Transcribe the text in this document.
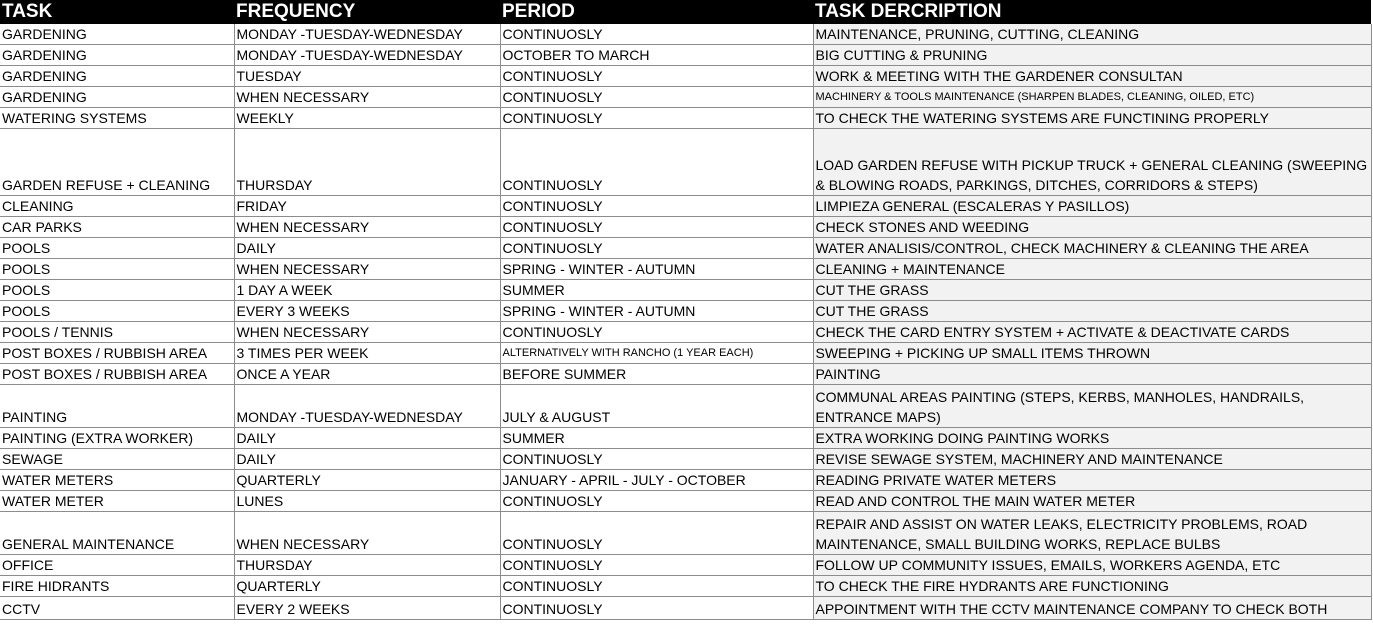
TASK	FREQUENCY	PERIOD	TASK DERCRIPTION
GARDENING	MONDAY -TUESDAY-WEDNESDAY	CONTINUOSLY	MAINTENANCE, PRUNING, CUTTING, CLEANING
GARDENING	MONDAY -TUESDAY-WEDNESDAY	OCTOBER TO MARCH	BIG CUTTING & PRUNING
GARDENING	TUESDAY	CONTINUOSLY	WORK & MEETING WITH THE GARDENER CONSULTAN
GARDENING	WHEN NECESSARY	CONTINUOSLY	MACHINERY & TOOLS MAINTENANCE (SHARPEN BLADES, CLEANING, OILED, ETC)
WATERING SYSTEMS	WEEKLY	CONTINUOSLY	TO CHECK THE WATERING SYSTEMS ARE FUNCTINING PROPERLY
GARDEN REFUSE + CLEANING	THURSDAY	CONTINUOSLY	LOAD GARDEN REFUSE WITH PICKUP TRUCK + GENERAL CLEANING (SWEEPING & BLOWING ROADS, PARKINGS, DITCHES, CORRIDORS & STEPS)
CLEANING	FRIDAY	CONTINUOSLY	LIMPIEZA GENERAL (ESCALERAS Y PASILLOS)
CAR PARKS	WHEN NECESSARY	CONTINUOSLY	CHECK STONES AND WEEDING
POOLS	DAILY	CONTINUOSLY	WATER ANALISIS/CONTROL, CHECK MACHINERY & CLEANING THE AREA
POOLS	WHEN NECESSARY	SPRING - WINTER - AUTUMN	CLEANING + MAINTENANCE
POOLS	1 DAY A WEEK	SUMMER	CUT THE GRASS
POOLS	EVERY 3 WEEKS	SPRING - WINTER - AUTUMN	CUT THE GRASS
POOLS / TENNIS	WHEN NECESSARY	CONTINUOSLY	CHECK THE CARD ENTRY SYSTEM + ACTIVATE & DEACTIVATE CARDS
POST BOXES / RUBBISH AREA	3 TIMES PER WEEK	ALTERNATIVELY WITH RANCHO (1 YEAR EACH)	SWEEPING + PICKING UP SMALL ITEMS THROWN
POST BOXES / RUBBISH AREA	ONCE A YEAR	BEFORE SUMMER	PAINTING
PAINTING	MONDAY -TUESDAY-WEDNESDAY	JULY & AUGUST	COMMUNAL AREAS PAINTING (STEPS, KERBS, MANHOLES, HANDRAILS, ENTRANCE MAPS)
PAINTING (EXTRA WORKER)	DAILY	SUMMER	EXTRA WORKING DOING PAINTING WORKS
SEWAGE	DAILY	CONTINUOSLY	REVISE SEWAGE SYSTEM, MACHINERY AND MAINTENANCE
WATER METERS	QUARTERLY	JANUARY - APRIL - JULY - OCTOBER	READING PRIVATE WATER METERS
WATER METER	LUNES	CONTINUOSLY	READ AND CONTROL THE MAIN WATER METER
GENERAL MAINTENANCE	WHEN NECESSARY	CONTINUOSLY	REPAIR AND ASSIST ON WATER LEAKS, ELECTRICITY PROBLEMS, ROAD MAINTENANCE, SMALL BUILDING WORKS, REPLACE BULBS
OFFICE	THURSDAY	CONTINUOSLY	FOLLOW UP COMMUNITY ISSUES, EMAILS, WORKERS AGENDA, ETC
FIRE HIDRANTS	QUARTERLY	CONTINUOSLY	TO CHECK THE FIRE HYDRANTS ARE FUNCTIONING
CCTV	EVERY 2 WEEKS	CONTINUOSLY	APPOINTMENT WITH THE CCTV MAINTENANCE COMPANY TO CHECK BOTH
